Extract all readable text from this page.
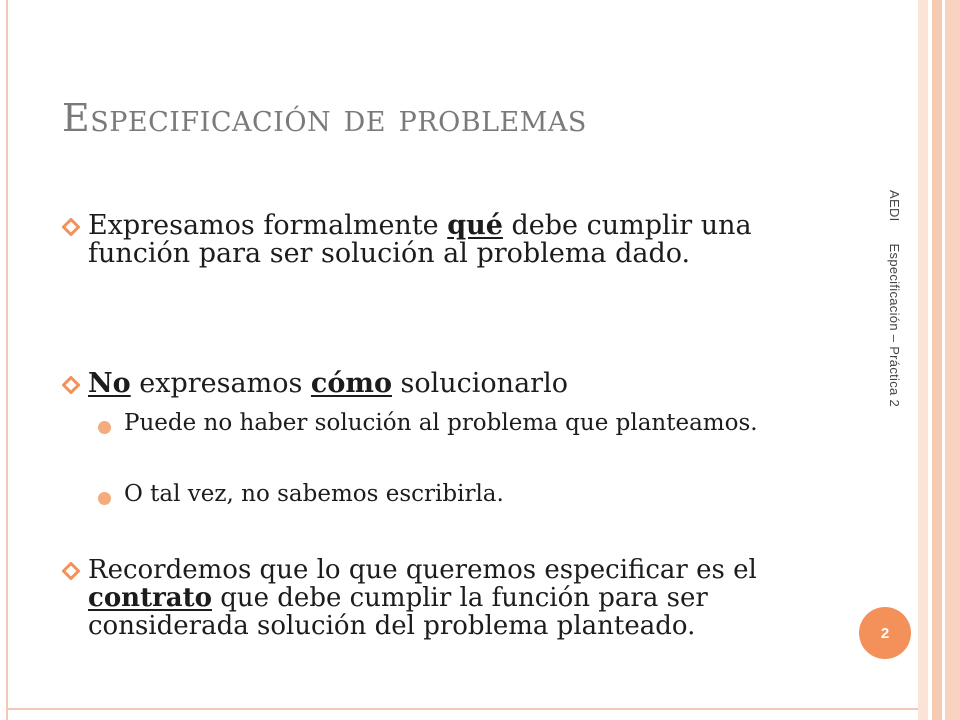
Especificación de problemas
Expresamos formalmente qué debe cumplir una función para ser solución al problema dado.
No expresamos cómo solucionarlo
Puede no haber solución al problema que planteamos.
O tal vez, no sabemos escribirla.
Recordemos que lo que queremos especificar es el contrato que debe cumplir la función para ser considerada solución del problema planteado.
AEDIEspecificación – Práctica 2
2
